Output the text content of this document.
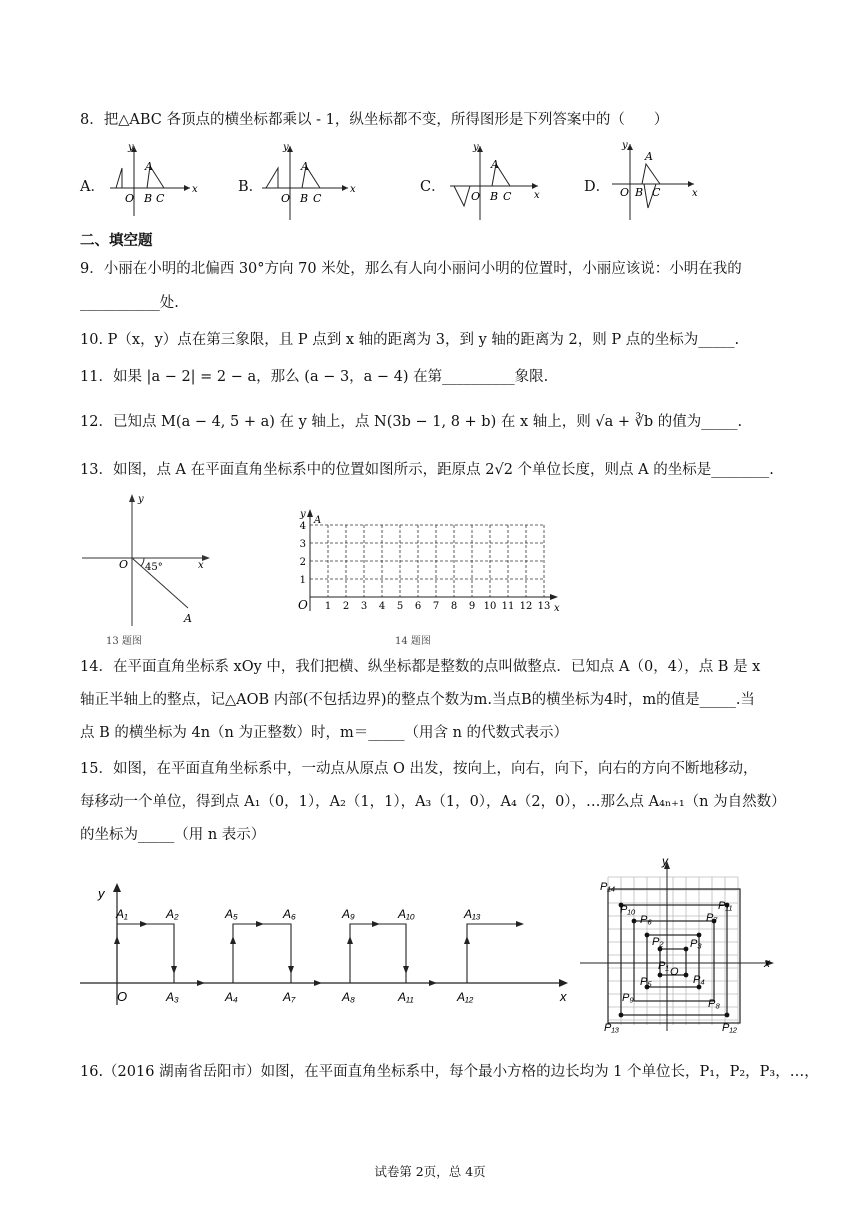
8．把△ABC 各顶点的横坐标都乘以 ‑ 1，纵坐标都不变，所得图形是下列答案中的（　　）
A．	x
y
O
A
B C
B．	x
y
O
A
B C
C．
x
y
O
A
B C
D．	x
y
O
A
B C
二、填空题
9．小丽在小明的北偏西 30°方向 70 米处，那么有人向小丽问小明的位置时，小丽应该说：小明在我的
___________处.
10. P（x，y）点在第三象限，且 P 点到 x 轴的距离为 3，到 y 轴的距离为 2，则 P 点的坐标为_____.
11．如果 |a − 2| = 2 − a，那么 (a − 3，a − 4) 在第__________象限.
12．已知点 M(a − 4, 5 + a) 在 y 轴上，点 N(3b − 1, 8 + b) 在 x 轴上，则 √a + ∛b 的值为_____.
13．如图，点 A 在平面直角坐标系中的位置如图所示，距原点 2√2 个单位长度，则点 A 的坐标是________.
O
y
x
45°
A
13 题图
y
A
x
O
1
2
3
4
1 2 3 4 5 6 7 8 9 10 11 12 13
14 题图
14．在平面直角坐标系 xOy 中，我们把横、纵坐标都是整数的点叫做整点．已知点 A（0，4），点 B 是 x
轴正半轴上的整点，记△AOB 内部(不包括边界)的整点个数为m.当点B的横坐标为4时，m的值是_____.当
点 B 的横坐标为 4n（n 为正整数）时，m＝_____（用含 n 的代数式表示）
15．如图，在平面直角坐标系中，一动点从原点 O 出发，按向上，向右，向下，向右的方向不断地移动，
每移动一个单位，得到点 A₁（0，1），A₂（1，1），A₃（1，0），A₄（2，0），…那么点 A₄ₙ₊₁（n 为自然数）
的坐标为_____（用 n 表示）
y
x
O
A₁	A₂	A₅	A₆	A₉	A₁₀	A₁₃
A₃	A₄	A₇	A₈	A₁₁	A₁₂
y
x
O
P₁₄
P₁₀
P₆	P₇
P₁₁
P₂ P₃
P₁
P₅	P₄
P₉	P₈
P₁₃	P₁₂
16.（2016 湖南省岳阳市）如图，在平面直角坐标系中，每个最小方格的边长均为 1 个单位长，P₁，P₂，P₃，…，
试卷第 2页，总 4页
